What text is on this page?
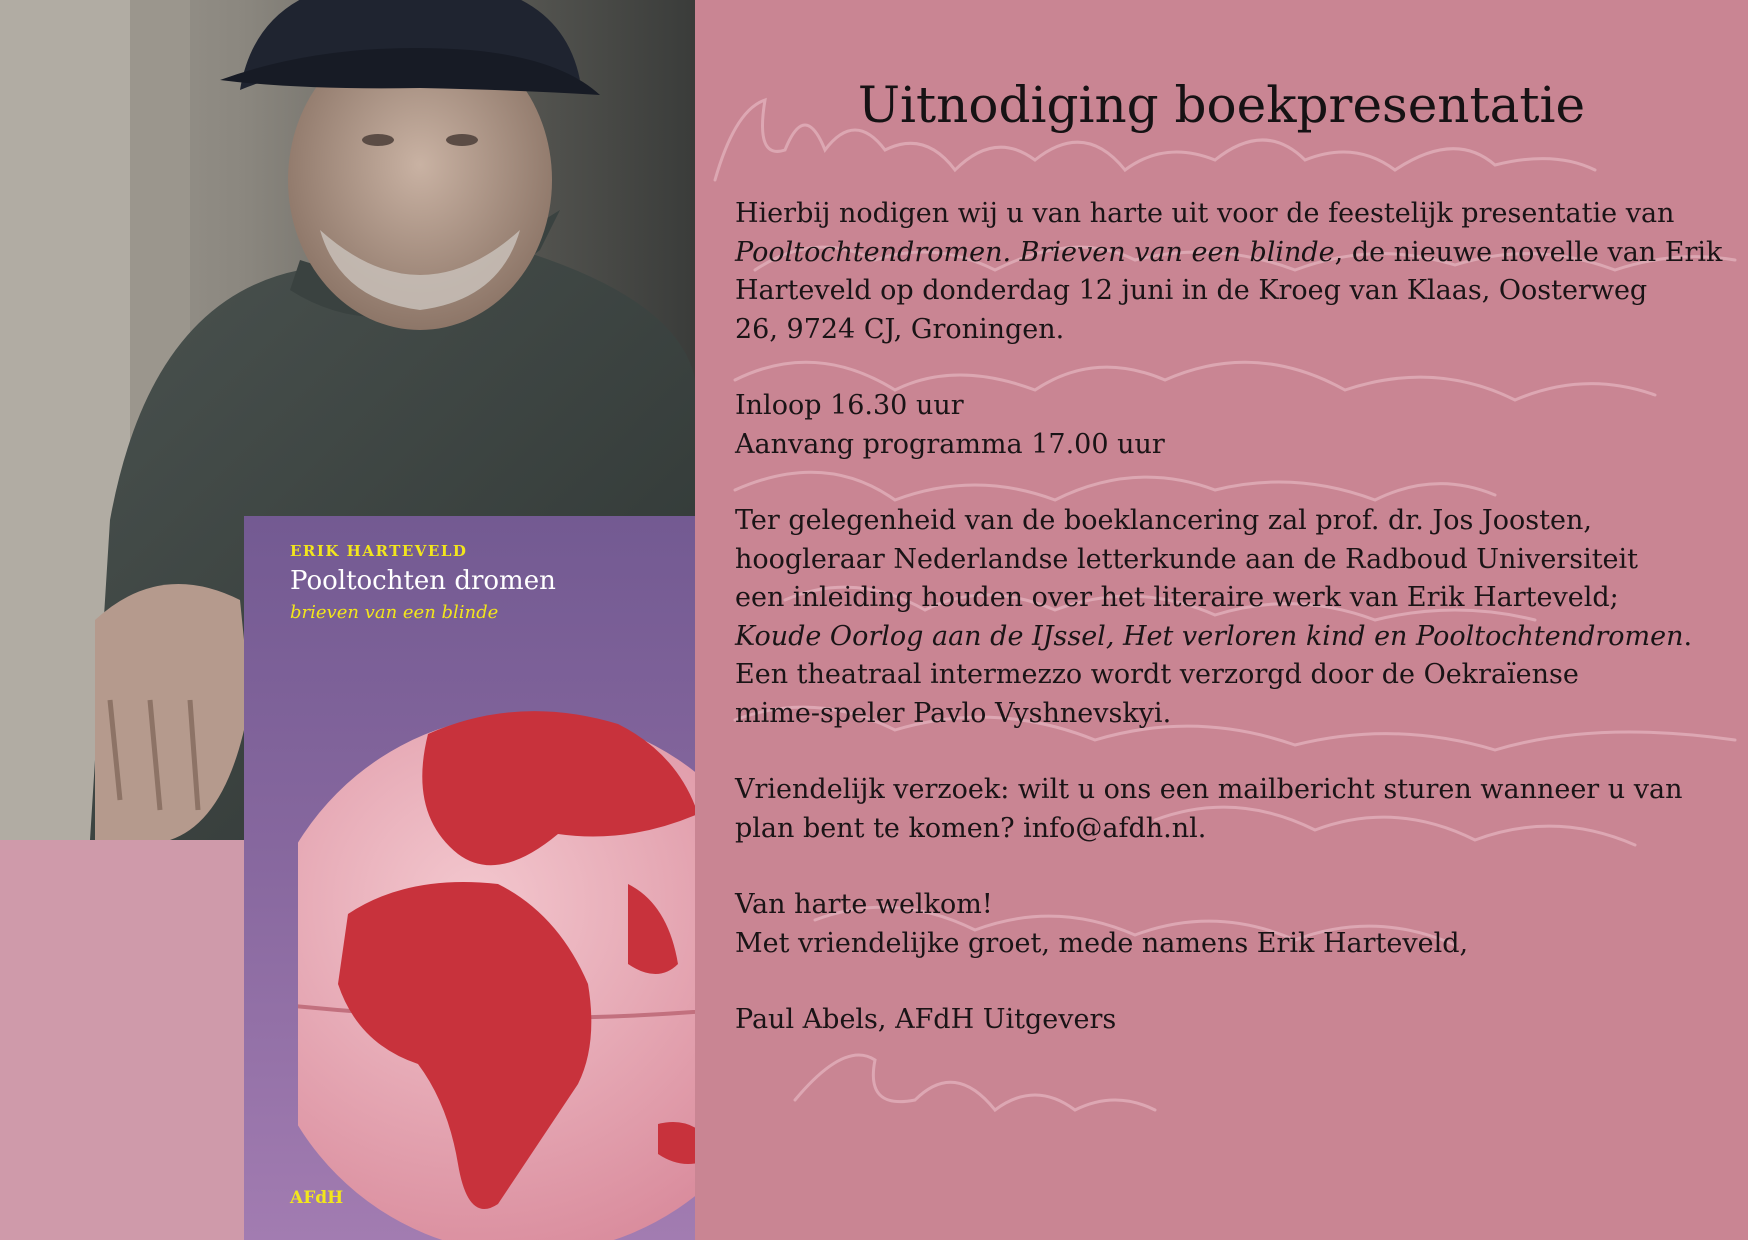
ERIK HARTEVELD
Pooltochten dromen
brieven van een blinde
AFdH
Uitnodiging boekpresentatie

Hierbij nodigen wij u van harte uit voor de feestelijk presentatie van
Pooltochtendromen. Brieven van een blinde, de nieuwe novelle van Erik
Harteveld op donderdag 12 juni in de Kroeg van Klaas, Oosterweg
26, 9724 CJ, Groningen.

Inloop 16.30 uur
Aanvang programma 17.00 uur

Ter gelegenheid van de boeklancering zal prof. dr. Jos Joosten,
hoogleraar Nederlandse letterkunde aan de Radboud Universiteit
een inleiding houden over het literaire werk van Erik Harteveld;
Koude Oorlog aan de IJssel, Het verloren kind en Pooltochtendromen.
Een theatraal intermezzo wordt verzorgd door de Oekraïense
mime-speler Pavlo Vyshnevskyi.

Vriendelijk verzoek: wilt u ons een mailbericht sturen wanneer u van
plan bent te komen? info@afdh.nl.

Van harte welkom!
Met vriendelijke groet, mede namens Erik Harteveld,

Paul Abels, AFdH Uitgevers
